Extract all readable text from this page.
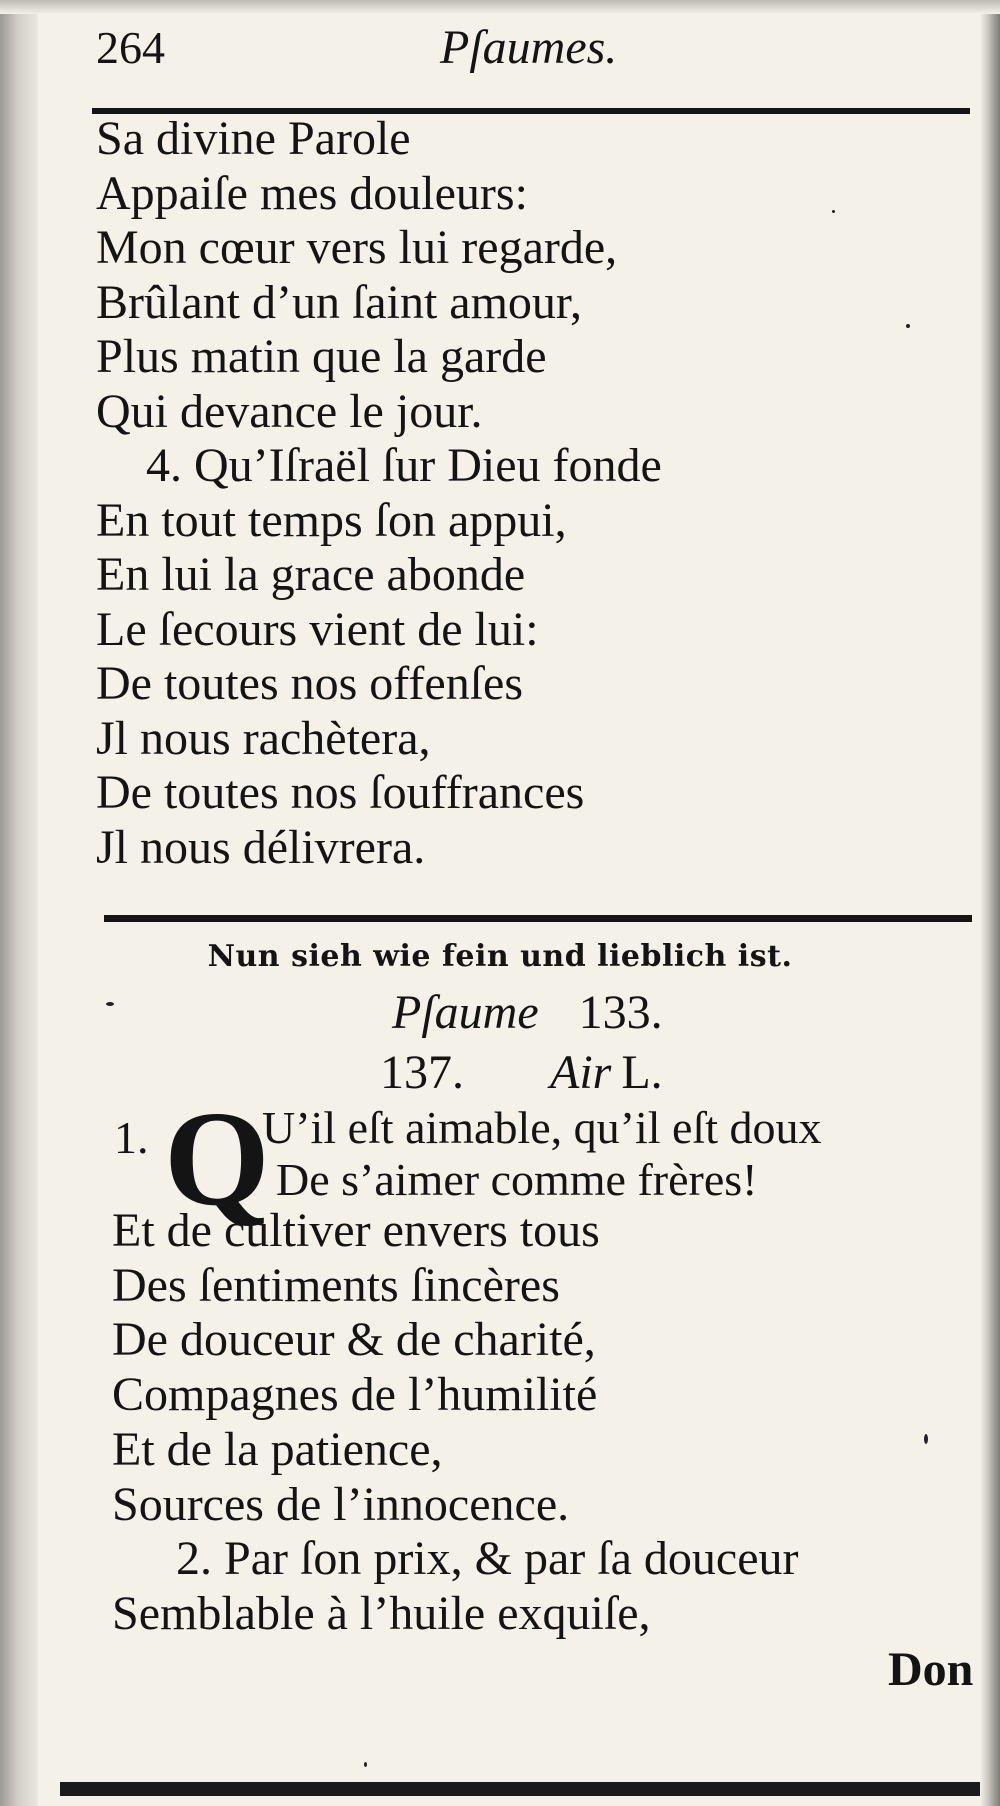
264	Pſaumes.
Sa divine Parole
Appaiſe mes douleurs:
Mon cœur vers lui regarde,
Brûlant d’un ſaint amour,
Plus matin que la garde
Qui devance le jour.
4. Qu’Iſraël ſur Dieu fonde
En tout temps ſon appui,
En lui la grace abonde
Le ſecours vient de lui:
De toutes nos offenſes
Jl nous rachètera,
De toutes nos ſouffrances
Jl nous délivrera.
Nun sieh wie fein und lieblich ist.
Pſaume 133.
137. Air L.
1. Q
U’il eſt aimable, qu’il eſt doux
De s’aimer comme frères!
Et de cultiver envers tous
Des ſentiments ſincères
De douceur & de charité,
Compagnes de l’humilité
Et de la patience,
Sources de l’innocence.
2. Par ſon prix, & par ſa douceur
Semblable à l’huile exquiſe,
Don
